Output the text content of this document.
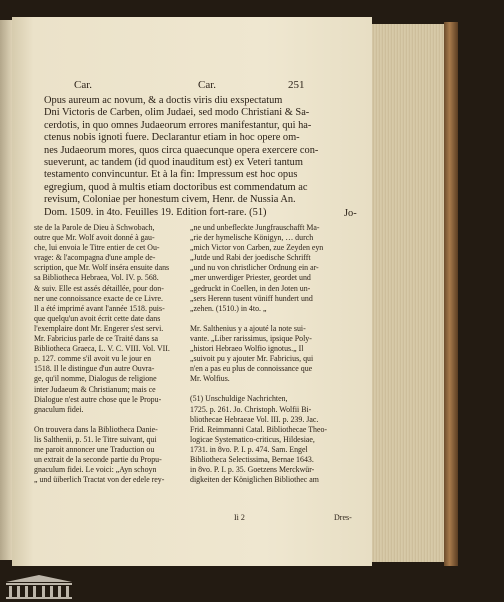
Car.	Car.	251
Opus aureum ac novum, & a doctis viris diu exspectatum
Dni Victoris de Carben, olim Judaei, sed modo Christiani & Sa-
cerdotis, in quo omnes Judaeorum errores manifestantur, qui ha-
ctenus nobis ignoti fuere. Declarantur etiam in hoc opere om-
nes Judaeorum mores, quos circa quaecunque opera exercere con-
sueverunt, ac tandem (id quod inauditum est) ex Veteri tantum
testamento convincuntur. Et à la fin: Impressum est hoc opus
egregium, quod à multis etiam doctoribus est commendatum ac
revisum, Coloniae per honestum civem, Henr. de Nussia An.
Dom. 1509. in 4to. Feuilles 19. Edition fort-rare. (51)	Jo-
ste de la Parole de Dieu à Schwobach,
outre que Mr. Wolf avoit donné à gau-
che, lui envoia le Titre entier de cet Ou-
vrage: & l'acompagna d'une ample de-
scription, que Mr. Wolf inséra ensuite dans
sa Bibliotheca Hebraea, Vol. IV. p. 568.
& suiv. Elle est assés détaillée, pour don-
ner une connoissance exacte de ce Livre.
Il a été imprimé avant l'année 1518. puis-
que quelqu'un avoit écrit cette date dans
l'exemplaire dont Mr. Engerer s'est servi.
Mr. Fabricius parle de ce Traité dans sa
Bibliotheca Graeca, L. V. C. VIII. Vol. VII.
p. 127. comme s'il avoit vu le jour en
1518. Il le distingue d'un autre Ouvra-
ge, qu'il nomme, Dialogus de religione
inter Judaeum & Christianum; mais ce
Dialogue n'est autre chose que le Propu-
gnaculum fidei.
On trouvera dans la Bibliotheca Danie-
lis Salthenii, p. 51. le Titre suivant, qui
me paroit annoncer une Traduction ou
un extrait de la seconde partie du Propu-
gnaculum fidei. Le voici: „Ayn schoyn
„ und üiberlich Tractat von der edele rey-
„ne und unbefleckte Jungfrauschafft Ma-
„rie der hymelische Königyn, … durch
„mich Victor von Carben, zue Zeyden eyn
„Jutde und Rabi der joedische Schrifft
„und nu von christlicher Ordnung ein ar-
„mer unwerdiger Priester, geordet und
„gedruckt in Coellen, in den Joten un-
„sers Herenn tusent vüniff hundert und
„zehen. (1510.) in 4to. „
Mr. Salthenius y a ajouté la note sui-
vante. „Liber rarissimus, ipsique Poly-
„histori Hebraeo Wolfio ignotus.„ Il
„suivoit pu y ajouter Mr. Fabricius, qui
n'en a pas eu plus de connoissance que
Mr. Wolfius.
(51) Unschuldige Nachrichten,
1725. p. 261. Jo. Christoph. Wolfii Bi-
bliothecae Hebraeae Vol. III. p. 239. Jac.
Frid. Reimmanni Catal. Bibliothecae Theo-
logicae Systematico-criticus, Hildesiae,
1731. in 8vo. P. I. p. 474. Sam. Engel
Bibliotheca Selectissima, Bernae 1643.
in 8vo. P. I. p. 35. Goetzens Merckwür-
digkeiten der Königlichen Bibliothec am
Ii 2	Dres-
